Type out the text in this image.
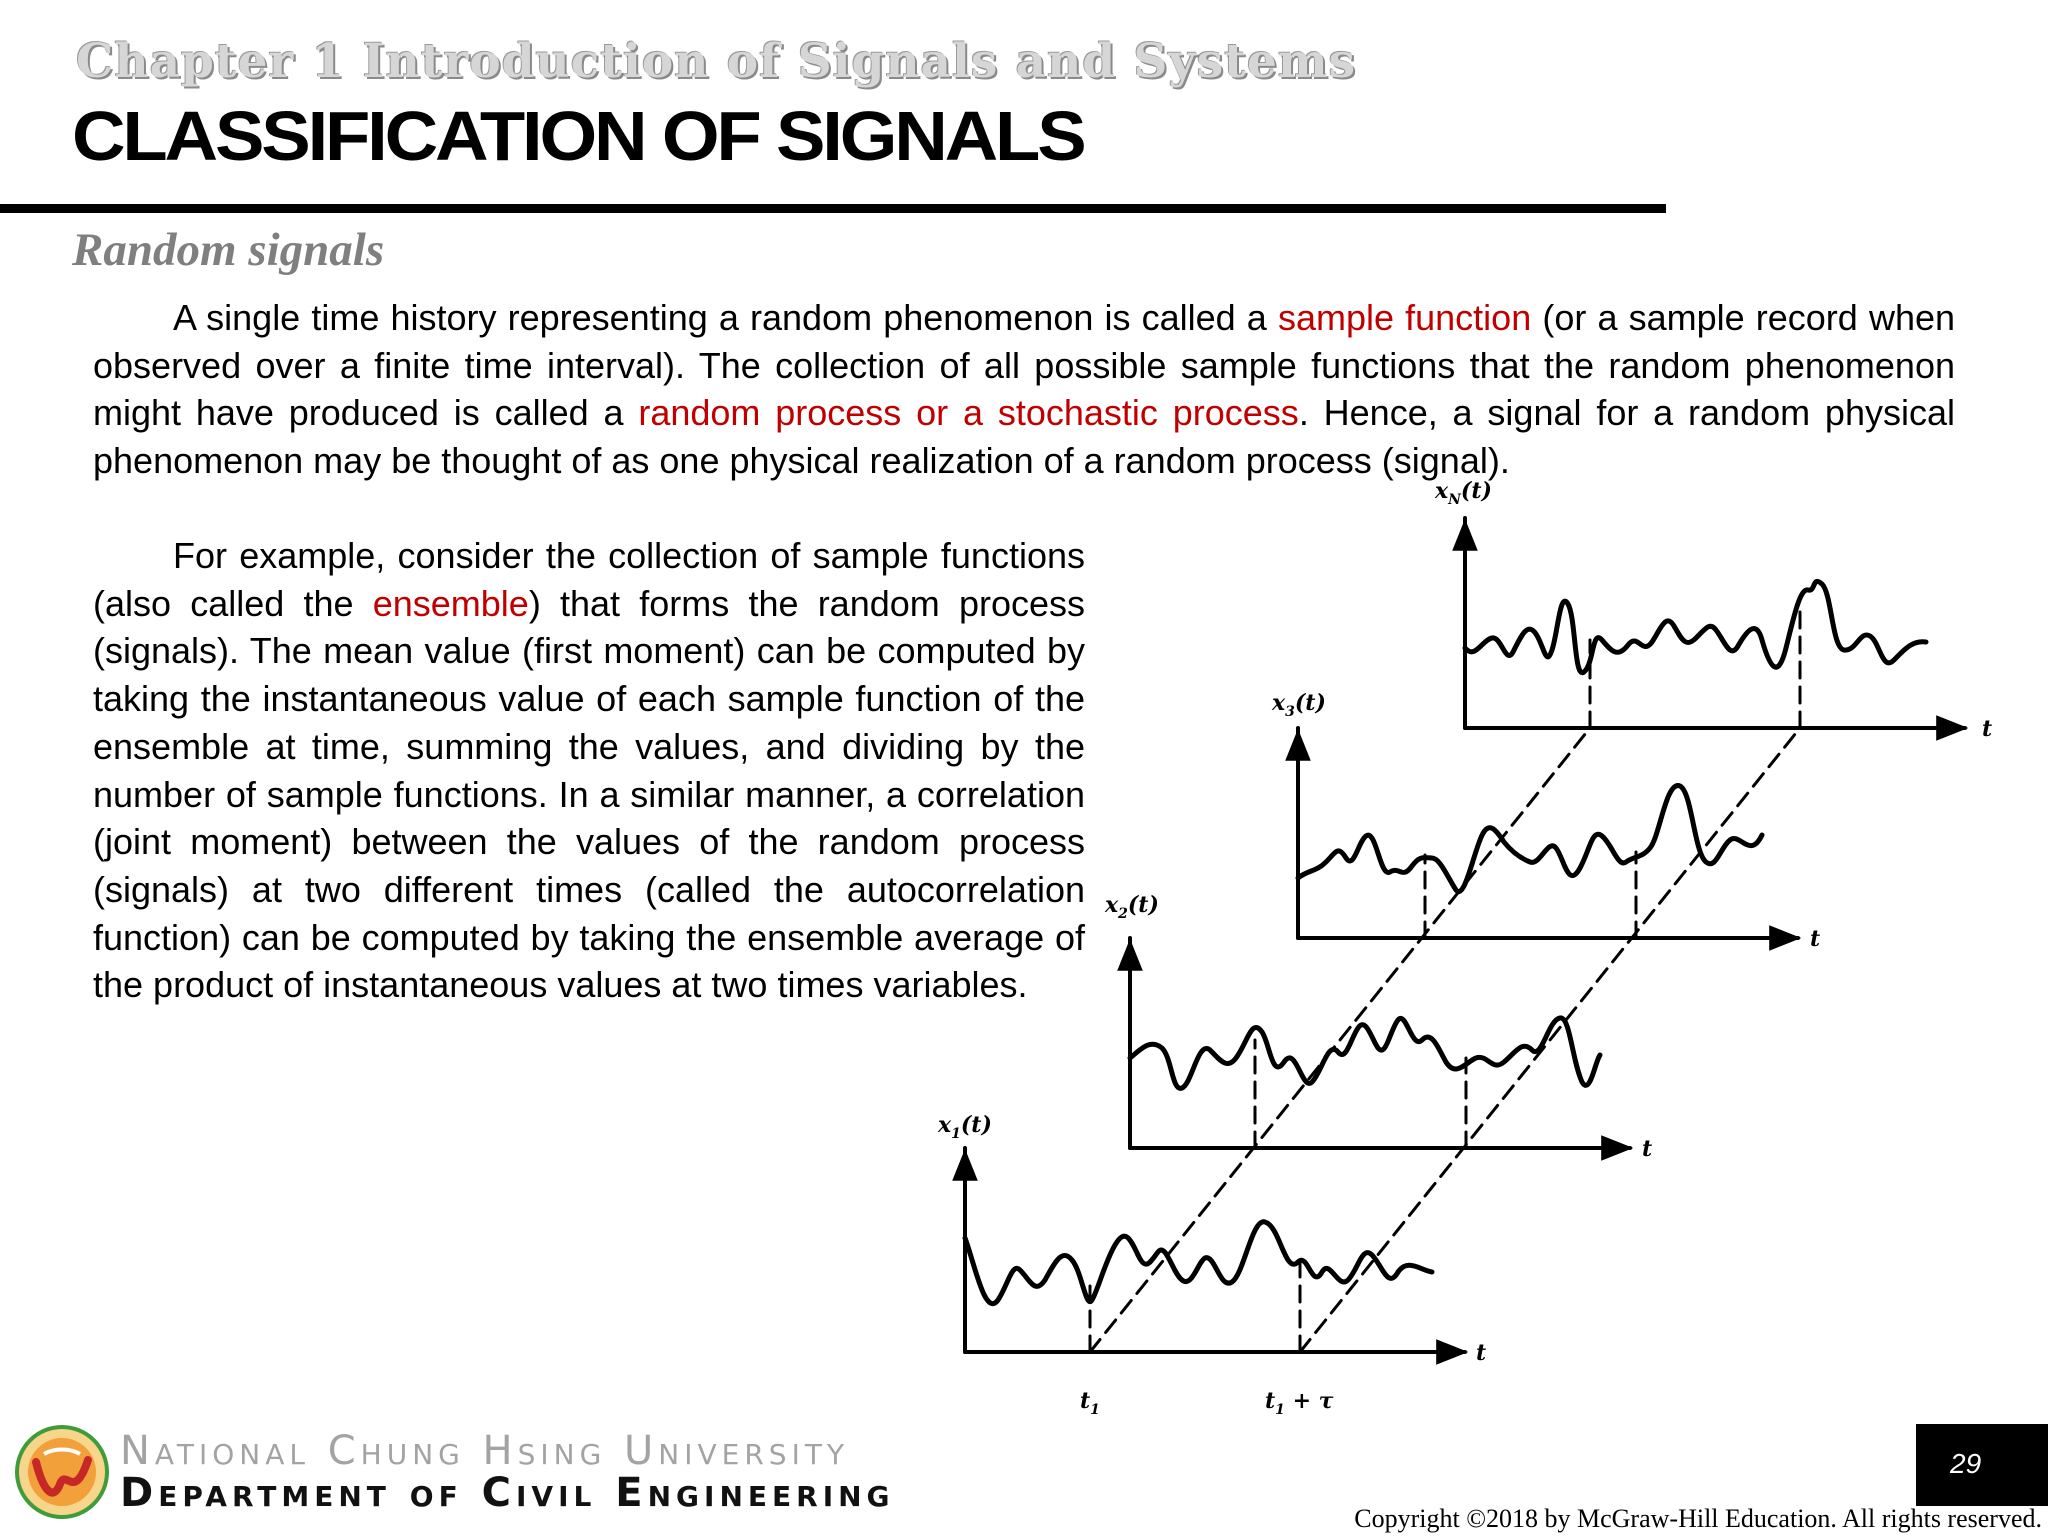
Chapter 1 Introduction of Signals and Systems
CLASSIFICATION OF SIGNALS
Random signals

A single time history representing a random phenomenon is called a sample function (or a sample record when observed over a finite time interval). The collection of all possible sample functions that the random phenomenon might have produced is called a random process or a stochastic process. Hence, a signal for a random physical phenomenon may be thought of as one physical realization of a random process (signal).

For example, consider the collection of sample functions (also called the ensemble) that forms the random process (signals). The mean value (first moment) can be computed by taking the instantaneous value of each sample function of the ensemble at time, summing the values, and dividing by the number of sample functions. In a similar manner, a correlation (joint moment) between the values of the random process (signals) at two different times (called the autocorrelation function) can be computed by taking the ensemble average of the product of instantaneous values at two times variables.

$x_N(t)$
$x_3(t)$
$x_2(t)$
$x_1(t)$
t
t
t
t
$t_1$	$t_1 + \tau$
National Chung Hsing University
Department of Civil Engineering
29
Copyright ©2018 by McGraw-Hill Education. All rights reserved.
